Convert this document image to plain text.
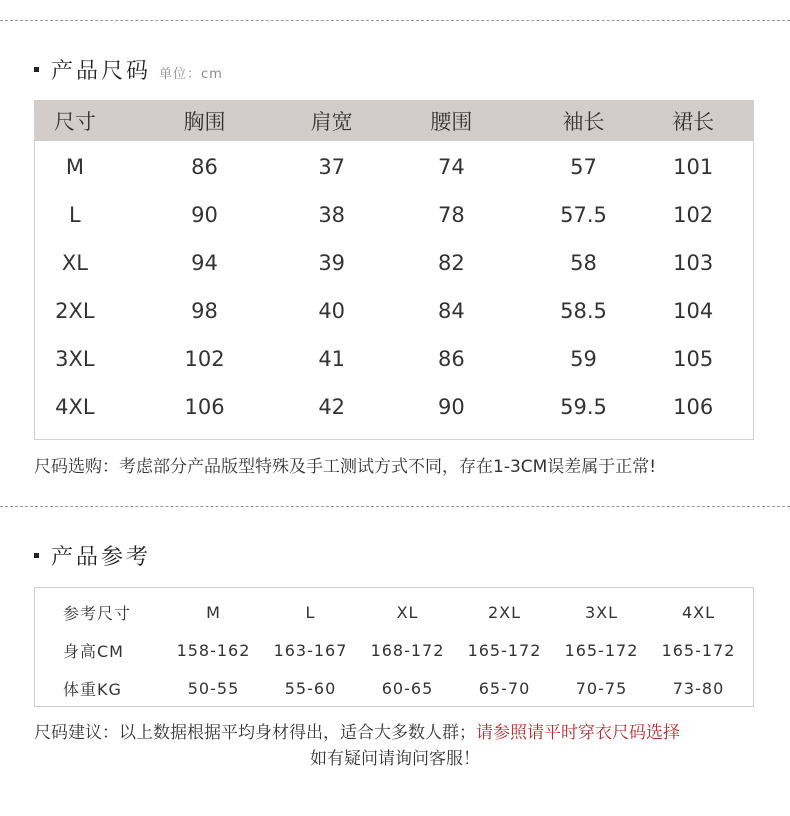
产品尺码 单位：cm
尺寸	胸围	肩宽	腰围	袖长	裙长
M	86	37	74	57	101
L	90	38	78	57.5	102
XL	94	39	82	58	103
2XL	98	40	84	58.5	104
3XL	102	41	86	59	105
4XL	106	42	90	59.5	106
尺码选购：考虑部分产品版型特殊及手工测试方式不同，存在1-3CM误差属于正常!
产品参考
参考尺寸	M	L	XL	2XL	3XL	4XL
身高CM	158-162	163-167	168-172	165-172	165-172	165-172
体重KG	50-55	55-60	60-65	65-70	70-75	73-80
尺码建议：以上数据根据平均身材得出，适合大多数人群；请参照请平时穿衣尺码选择
如有疑问请询问客服！
